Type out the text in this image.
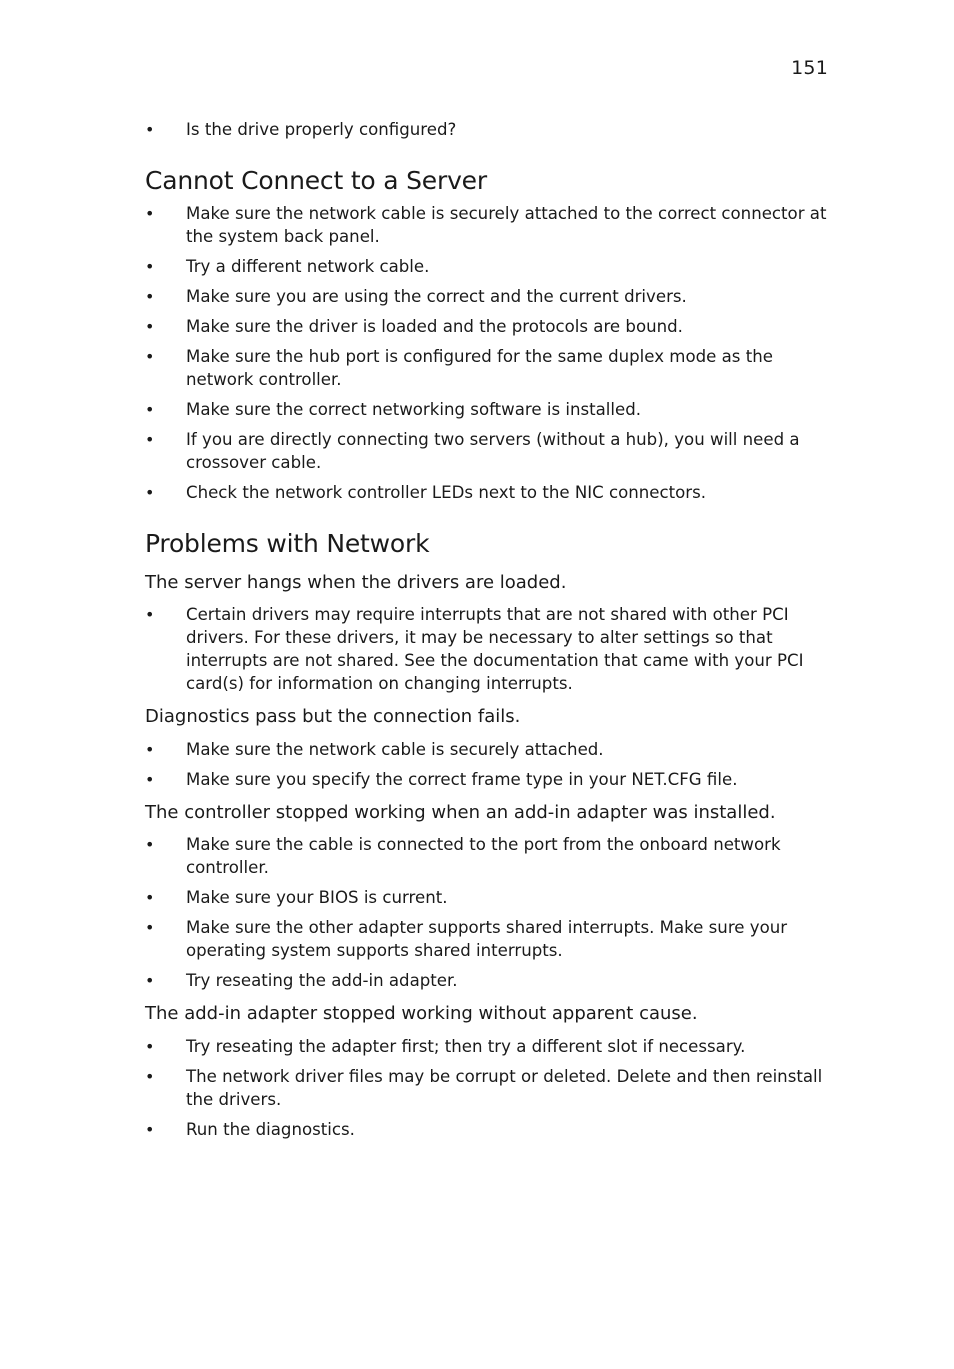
151
•	Is the drive properly configured?
Cannot Connect to a Server
•	Make sure the network cable is securely attached to the correct connector at the system back panel.
•	Try a different network cable.
•	Make sure you are using the correct and the current drivers.
•	Make sure the driver is loaded and the protocols are bound.
•	Make sure the hub port is configured for the same duplex mode as the network controller.
•	Make sure the correct networking software is installed.
•	If you are directly connecting two servers (without a hub), you will need a crossover cable.
•	Check the network controller LEDs next to the NIC connectors.
Problems with Network
The server hangs when the drivers are loaded.
•	Certain drivers may require interrupts that are not shared with other PCI drivers. For these drivers, it may be necessary to alter settings so that interrupts are not shared. See the documentation that came with your PCI card(s) for information on changing interrupts.
Diagnostics pass but the connection fails.
•	Make sure the network cable is securely attached.
•	Make sure you specify the correct frame type in your NET.CFG file.
The controller stopped working when an add-in adapter was installed.
•	Make sure the cable is connected to the port from the onboard network controller.
•	Make sure your BIOS is current.
•	Make sure the other adapter supports shared interrupts. Make sure your operating system supports shared interrupts.
•	Try reseating the add-in adapter.
The add-in adapter stopped working without apparent cause.
•	Try reseating the adapter first; then try a different slot if necessary.
•	The network driver files may be corrupt or deleted. Delete and then reinstall the drivers.
•	Run the diagnostics.
